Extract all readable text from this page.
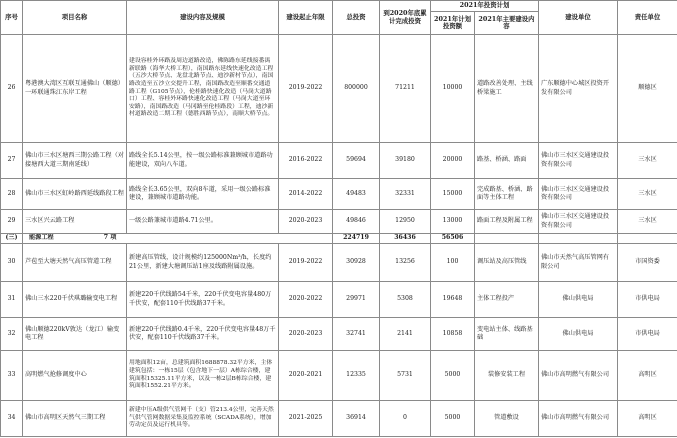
序号	项目名称	建设内容及规模	建设起止年限	总投资	到2020年底累计完成投资	2021年投资计划		建设单位	责任单位
						2021年计划投资额	2021年主要建设内容		
26	粤港澳大湾区互联互通佛山（顺德）一环联通珠江东岸工程	建设容桂外环路及周边道路改造，佛陈路东延线接番禺新联路（海华大桥工程），南国路东延线快速化改造工程（五沙大桥节点、龙盘北路节点、迪沙新村节点），南国路改造至五沙立交提升工程，南国路改造至顺番交通道路工程（G105节点），伦桂路快速化改造（马岗大道路口）工程、容桂外环路快速化改造工程（马岗大道至环安路），南国路改造（马冈路至伦桂路段）工程，迪沙新村道路改造二期工程（德胜西路节点），南顺大桥节点。	2019-2022	800000	71211	10000	道路改善处理、主线桥梁施工	广东顺德中心城区投资开发有限公司	顺德区
27	佛山市三水区塘西三期公路工程（对接塘西大道三期南延线）	路线全长5.14公里，按一级公路标准兼顾城市道路功能建设，双向八车道。	2016-2022	59694	39180	20000	路基、桥涵、路面	佛山市三水区交通建设投资有限公司	三水区
28	佛山市三水区虹岭路西延线路段工程	路线全长3.65公里，双向8车道，采用一级公路标准建设，兼顾城市道路功能。	2014-2022	49483	32331	15000	完成路基、桥涵、路面等主体工程	佛山市三水区交通建设投资有限公司	三水区
29	三水区兴云路工程	一级公路兼城市道路4.71公里。	2020-2023	49846	12950	13000	路面工程及附属工程	佛山市三水区交通建设投资有限公司	三水区
(三)	能源工程 7 项			224719	36436	56506			
30	芦苞至大塘天然气高压管道工程	新建高压管线，设计规模约125000Nm³/h，长度约21公里，新建大塘调压站1座及线路附属设施。	2019-2022	30928	13256	100	调压站及高压管线	佛山市天然气高压管网有限公司	市国资委
31	佛山三水220千伏琪璐输变电工程	新建220千伏线路54千米，220千伏变电容量480万千伏安，配套110千伏线路37千米。	2020-2022	29971	5308	19648	主体工程投产	佛山供电局	市供电局
32	佛山顺德220kV敦达（龙江）输变电工程	新建220千伏线路0.4千米，220千伏变电容量48万千伏安，配套110千伏线路37千米。	2020-2023	32741	2141	10858	变电站主体、线路基础	佛山供电局	市供电局
33	高明燃气抢修调度中心	用地面积12亩，总建筑面积1688878.32平方米，主体建筑包括：一栋15层（包含地下一层）A栋综合楼，建筑面积15325.11平方米，以及一栋2层B栋综合楼，建筑面积1552.21平方米。	2020-2021	12335	5731	5000	装修安装工程	佛山市高明燃气有限公司	高明区
34	佛山市高明区天然气三期工程	新建中压A级供气管网千（支）管213.4公里，完善天然气供气管网数据采集及监控系统（SCADA系统），增加劳动定员及运行机具等。	2021-2025	36914	0	5000	管道敷设	佛山市高明燃气有限公司	高明区
